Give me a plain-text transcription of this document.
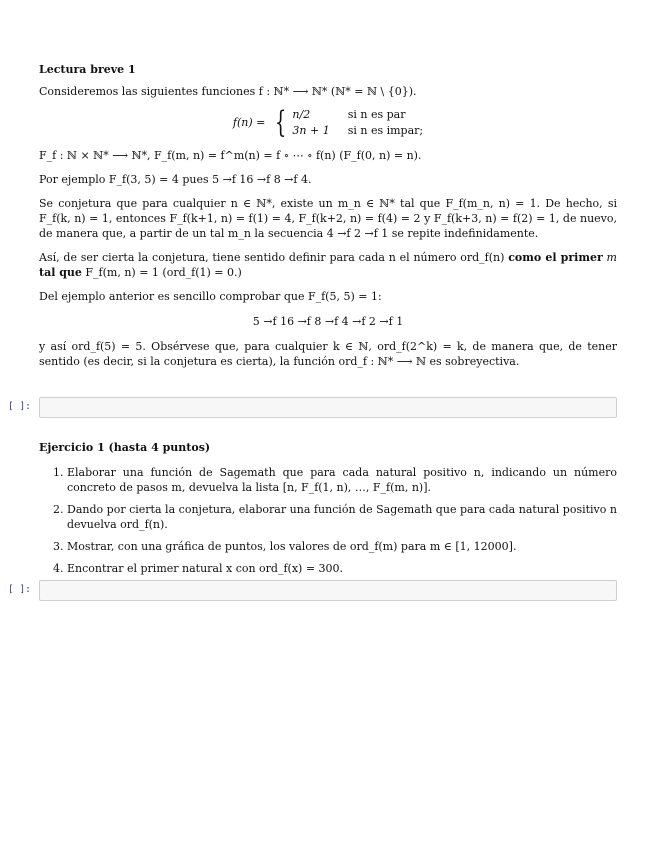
Lectura breve 1
Consideremos las siguientes funciones f : ℕ* ⟶ ℕ* (ℕ* = ℕ \ {0}).
f(n) = { n/2	si n es par
3n + 1 si n es impar;
F_f : ℕ × ℕ* ⟶ ℕ*, F_f(m, n) = f^m(n) = f ∘ ⋯ ∘ f(n) (F_f(0, n) = n).
Por ejemplo F_f(3, 5) = 4 pues 5 →f 16 →f 8 →f 4.
Se conjetura que para cualquier n ∈ ℕ*, existe un m_n ∈ ℕ* tal que F_f(m_n, n) = 1. De hecho, si F_f(k, n) = 1, entonces F_f(k+1, n) = f(1) = 4, F_f(k+2, n) = f(4) = 2 y F_f(k+3, n) = f(2) = 1, de nuevo, de manera que, a partir de un tal m_n la secuencia 4 →f 2 →f 1 se repite indefinidamente.
Así, de ser cierta la conjetura, tiene sentido definir para cada n el número ord_f(n) como el primer m tal que F_f(m, n) = 1 (ord_f(1) = 0.)
Del ejemplo anterior es sencillo comprobar que F_f(5, 5) = 1:
5 →f 16 →f 8 →f 4 →f 2 →f 1
y así ord_f(5) = 5. Obsérvese que, para cualquier k ∈ ℕ, ord_f(2^k) = k, de manera que, de tener sentido (es decir, si la conjetura es cierta), la función ord_f : ℕ* ⟶ ℕ es sobreyectiva.
[ ]:
Ejercicio 1 (hasta 4 puntos)
1. Elaborar una función de Sagemath que para cada natural positivo n, indicando un número concreto de pasos m, devuelva la lista [n, F_f(1, n), …, F_f(m, n)].
2. Dando por cierta la conjetura, elaborar una función de Sagemath que para cada natural positivo n devuelva ord_f(n).
3. Mostrar, con una gráfica de puntos, los valores de ord_f(m) para m ∈ [1, 12000].
4. Encontrar el primer natural x con ord_f(x) = 300.
[ ]:
